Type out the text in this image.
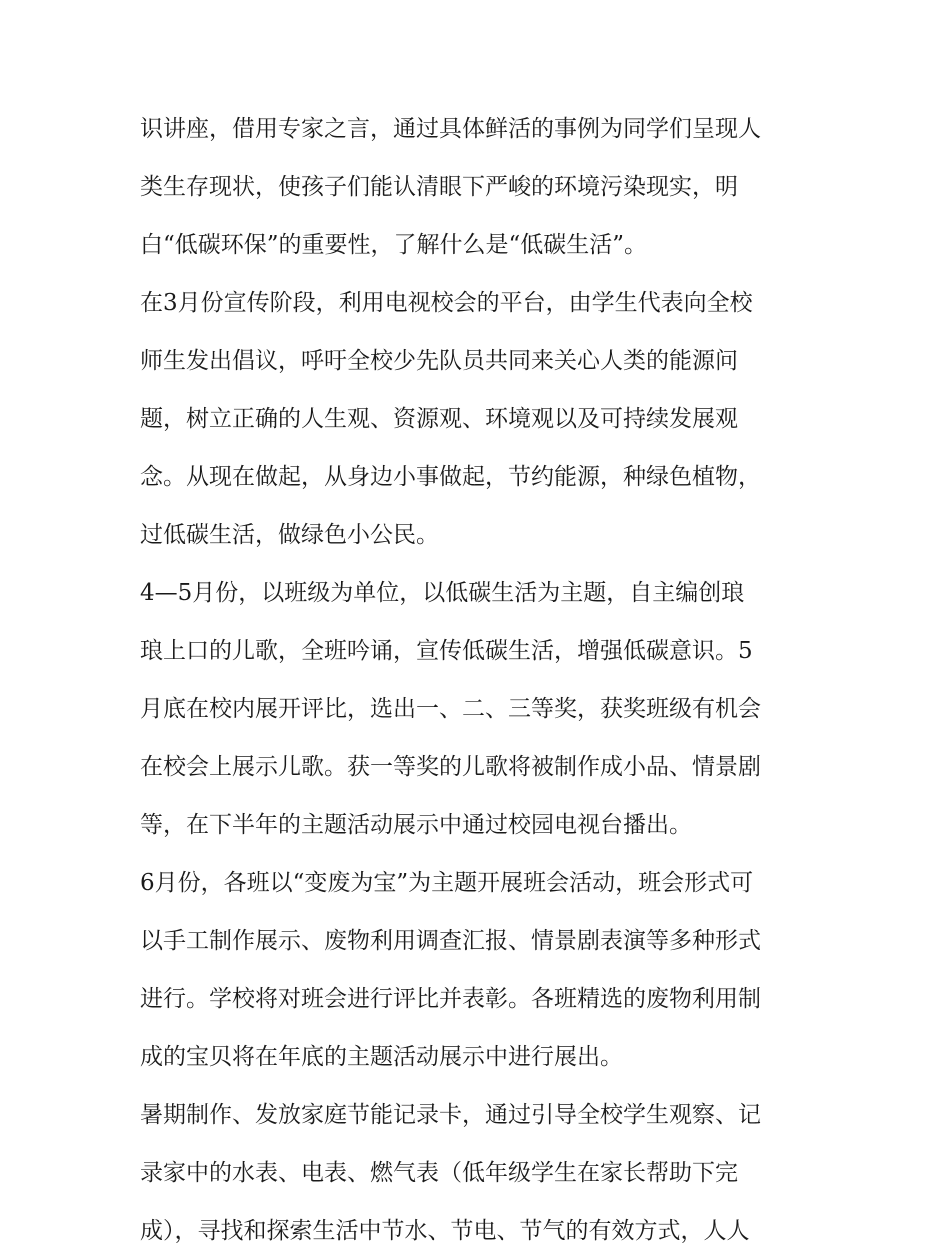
识讲座，借用专家之言，通过具体鲜活的事例为同学们呈现人
类生存现状，使孩子们能认清眼下严峻的环境污染现实，明
白“低碳环保”的重要性，了解什么是“低碳生活”。
在3月份宣传阶段，利用电视校会的平台，由学生代表向全校
师生发出倡议，呼吁全校少先队员共同来关心人类的能源问
题，树立正确的人生观、资源观、环境观以及可持续发展观
念。从现在做起，从身边小事做起，节约能源，种绿色植物，
过低碳生活，做绿色小公民。
4—5月份，以班级为单位，以低碳生活为主题，自主编创琅
琅上口的儿歌，全班吟诵，宣传低碳生活，增强低碳意识。5
月底在校内展开评比，选出一、二、三等奖，获奖班级有机会
在校会上展示儿歌。获一等奖的儿歌将被制作成小品、情景剧
等，在下半年的主题活动展示中通过校园电视台播出。
6月份，各班以“变废为宝”为主题开展班会活动，班会形式可
以手工制作展示、废物利用调查汇报、情景剧表演等多种形式
进行。学校将对班会进行评比并表彰。各班精选的废物利用制
成的宝贝将在年底的主题活动展示中进行展出。
暑期制作、发放家庭节能记录卡，通过引导全校学生观察、记
录家中的水表、电表、燃气表（低年级学生在家长帮助下完
成），寻找和探索生活中节水、节电、节气的有效方式，人人
